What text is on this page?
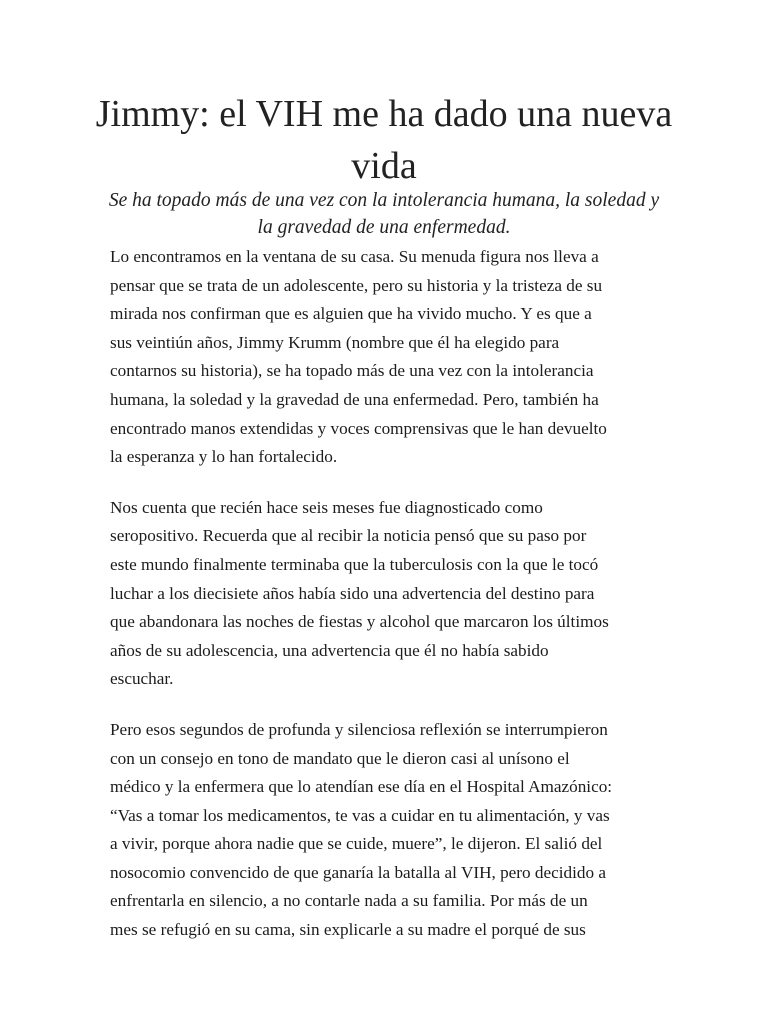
Jimmy: el VIH me ha dado una nueva vida

Se ha topado más de una vez con la intolerancia humana, la soledad y la gravedad de una enfermedad.

Lo encontramos en la ventana de su casa. Su menuda figura nos lleva a
pensar que se trata de un adolescente, pero su historia y la tristeza de su
mirada nos confirman que es alguien que ha vivido mucho. Y es que a
sus veintiún años, Jimmy Krumm (nombre que él ha elegido para
contarnos su historia), se ha topado más de una vez con la intolerancia
humana, la soledad y la gravedad de una enfermedad. Pero, también ha
encontrado manos extendidas y voces comprensivas que le han devuelto
la esperanza y lo han fortalecido.

Nos cuenta que recién hace seis meses fue diagnosticado como
seropositivo. Recuerda que al recibir la noticia pensó que su paso por
este mundo finalmente terminaba que la tuberculosis con la que le tocó
luchar a los diecisiete años había sido una advertencia del destino para
que abandonara las noches de fiestas y alcohol que marcaron los últimos
años de su adolescencia, una advertencia que él no había sabido
escuchar.

Pero esos segundos de profunda y silenciosa reflexión se interrumpieron
con un consejo en tono de mandato que le dieron casi al unísono el
médico y la enfermera que lo atendían ese día en el Hospital Amazónico:
“Vas a tomar los medicamentos, te vas a cuidar en tu alimentación, y vas
a vivir, porque ahora nadie que se cuide, muere”, le dijeron. El salió del
nosocomio convencido de que ganaría la batalla al VIH, pero decidido a
enfrentarla en silencio, a no contarle nada a su familia. Por más de un
mes se refugió en su cama, sin explicarle a su madre el porqué de sus
